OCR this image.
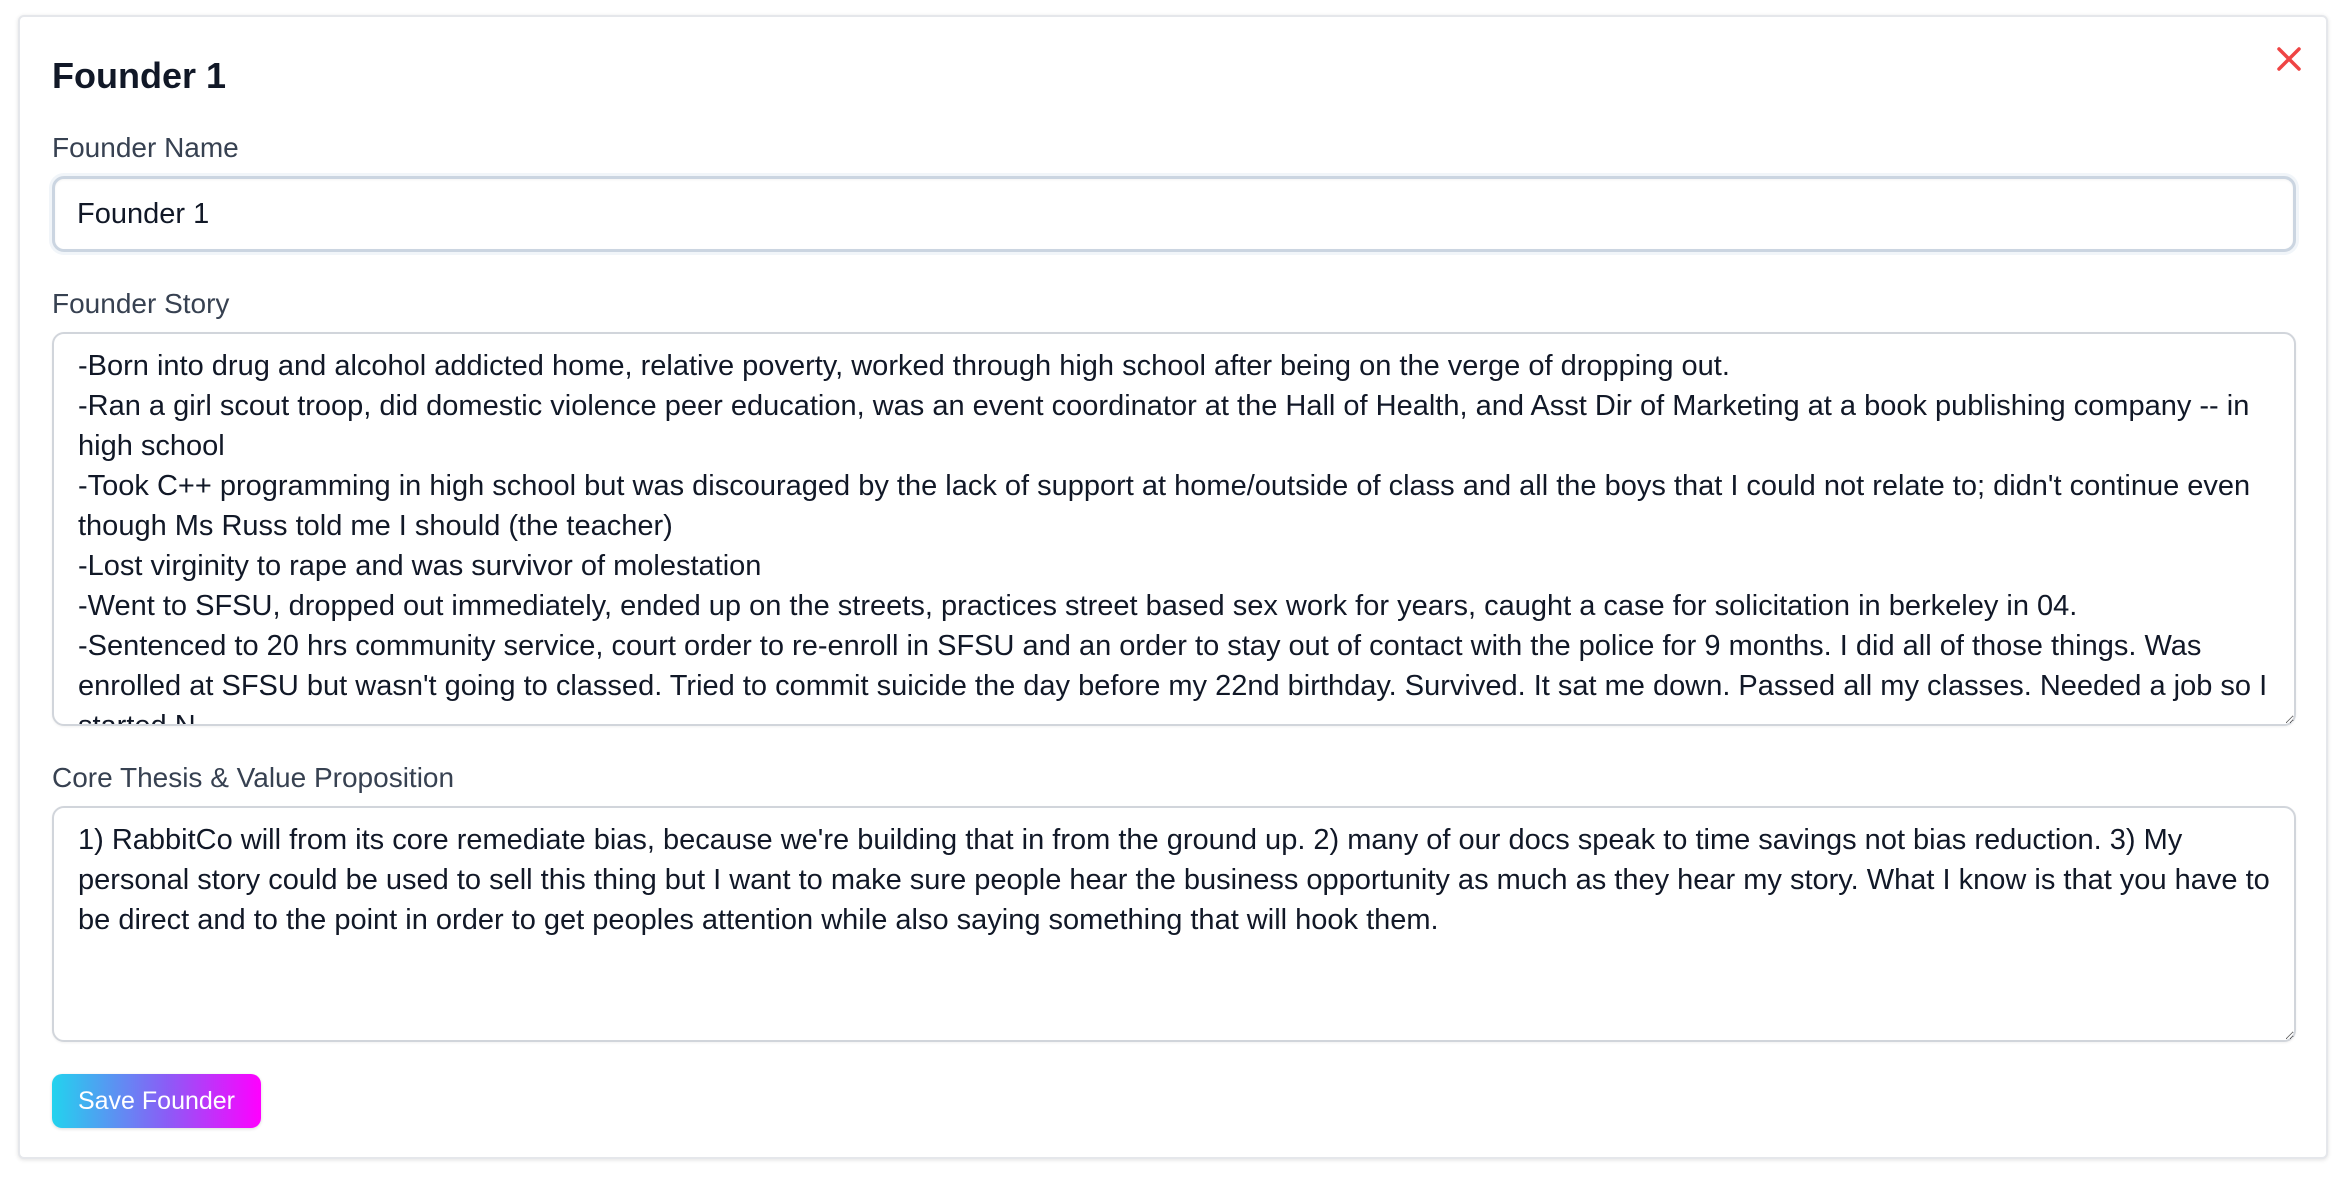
Founder 1
Founder Name
Founder 1
Founder Story
-Born into drug and alcohol addicted home, relative poverty, worked through high school after being on the verge of dropping out. -Ran a girl scout troop, did domestic violence peer education, was an event coordinator at the Hall of Health, and Asst Dir of Marketing at a book publishing company -- in high school -Took C++ programming in high school but was discouraged by the lack of support at home/outside of class and all the boys that I could not relate to; didn't continue even though Ms Russ told me I should (the teacher) -Lost virginity to rape and was survivor of molestation -Went to SFSU, dropped out immediately, ended up on the streets, practices street based sex work for years, caught a case for solicitation in berkeley in 04. -Sentenced to 20 hrs community service, court order to re-enroll in SFSU and an order to stay out of contact with the police for 9 months. I did all of those things. Was enrolled at SFSU but wasn't going to classed. Tried to commit suicide the day before my 22nd birthday. Survived. It sat me down. Passed all my classes. Needed a job so I started N...
Core Thesis & Value Proposition
1) RabbitCo will from its core remediate bias, because we're building that in from the ground up. 2) many of our docs speak to time savings not bias reduction. 3) My personal story could be used to sell this thing but I want to make sure people hear the business opportunity as much as they hear my story. What I know is that you have to be direct and to the point in order to get peoples attention while also saying something that will hook them.
Save Founder
